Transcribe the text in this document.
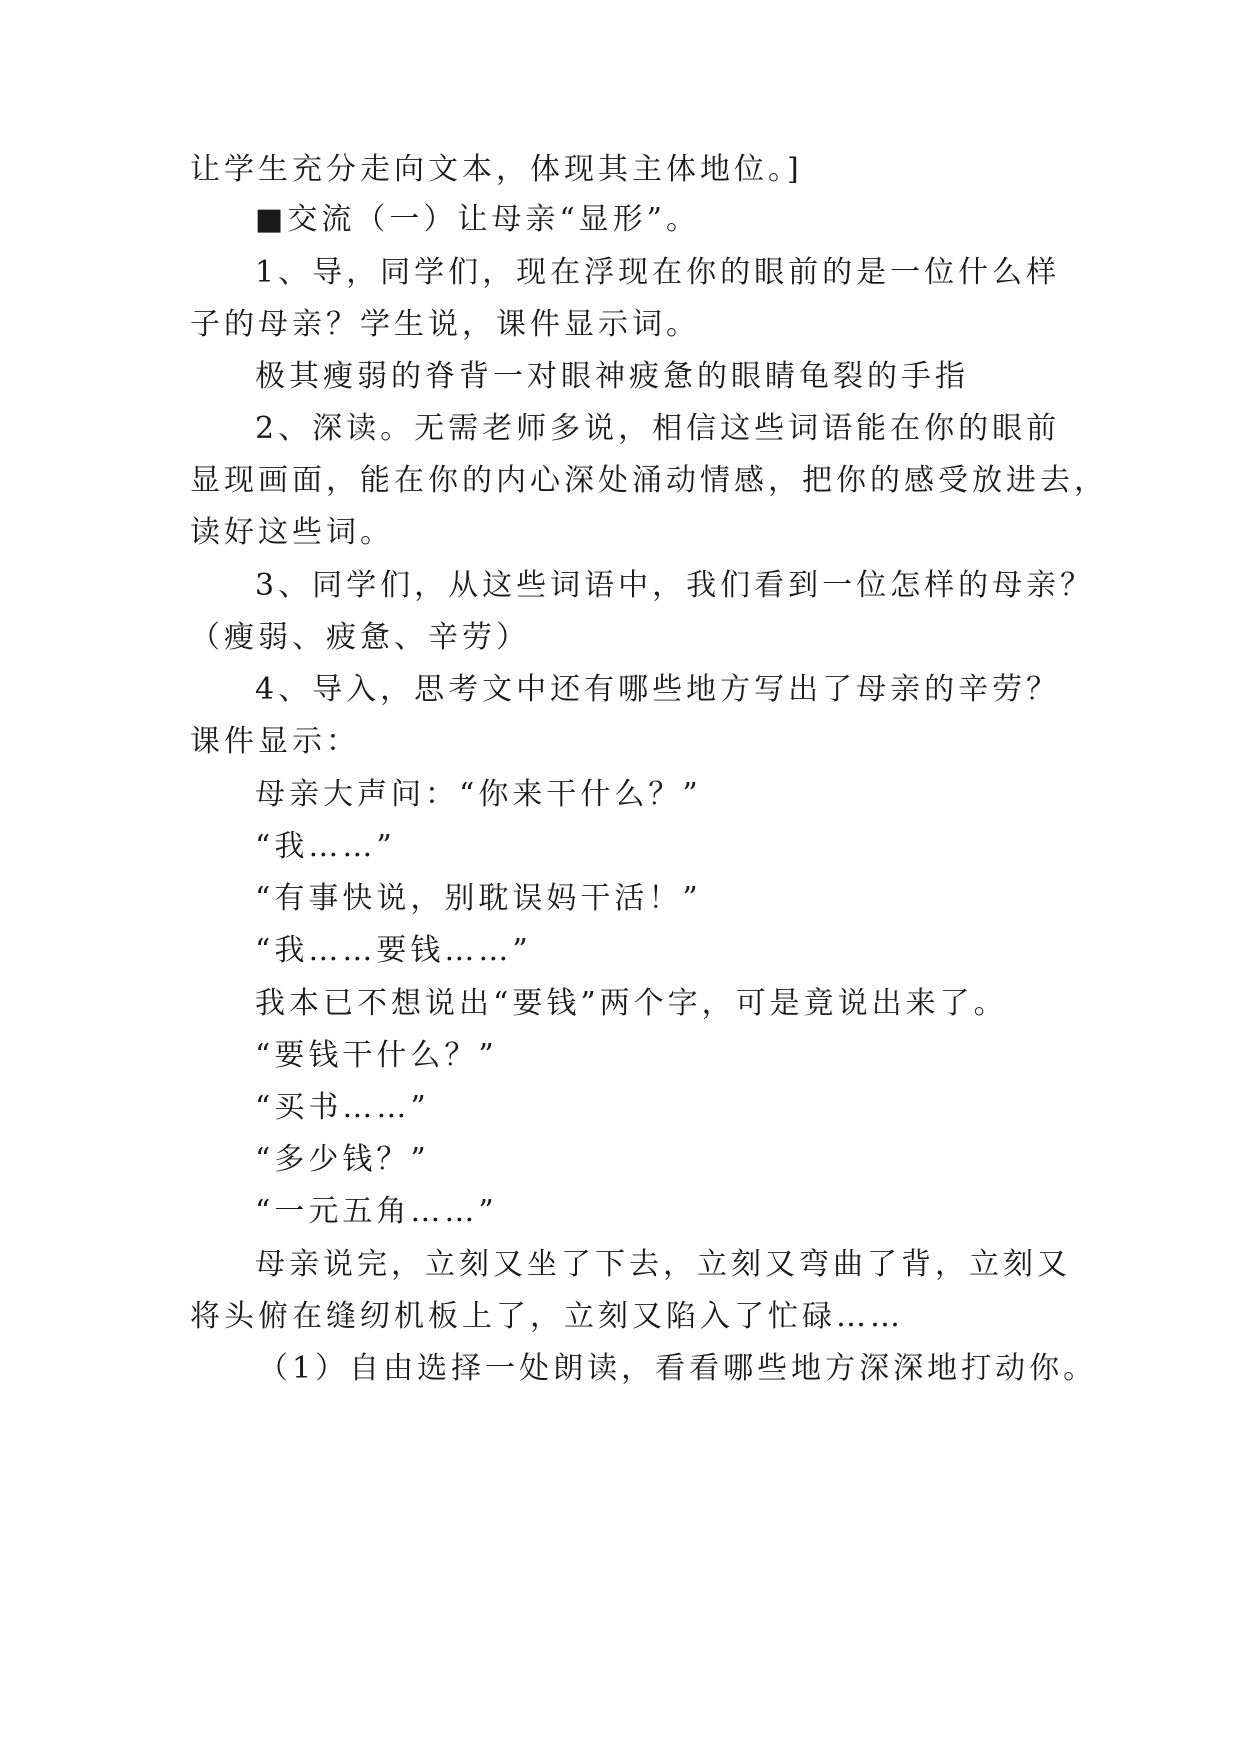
让学生充分走向文本，体现其主体地位。]
■交流（一）让母亲“显形”。
1、导，同学们，现在浮现在你的眼前的是一位什么样
子的母亲？学生说，课件显示词。
极其瘦弱的脊背一对眼神疲惫的眼睛龟裂的手指
2、深读。无需老师多说，相信这些词语能在你的眼前
显现画面，能在你的内心深处涌动情感，把你的感受放进去，
读好这些词。
3、同学们，从这些词语中，我们看到一位怎样的母亲？
（瘦弱、疲惫、辛劳）
4、导入，思考文中还有哪些地方写出了母亲的辛劳？
课件显示：
母亲大声问：“你来干什么？”
“我……”
“有事快说，别耽误妈干活！”
“我……要钱……”
我本已不想说出“要钱”两个字，可是竟说出来了。
“要钱干什么？”
“买书……”
“多少钱？”
“一元五角……”
母亲说完，立刻又坐了下去，立刻又弯曲了背，立刻又
将头俯在缝纫机板上了，立刻又陷入了忙碌……
（1）自由选择一处朗读，看看哪些地方深深地打动你。
